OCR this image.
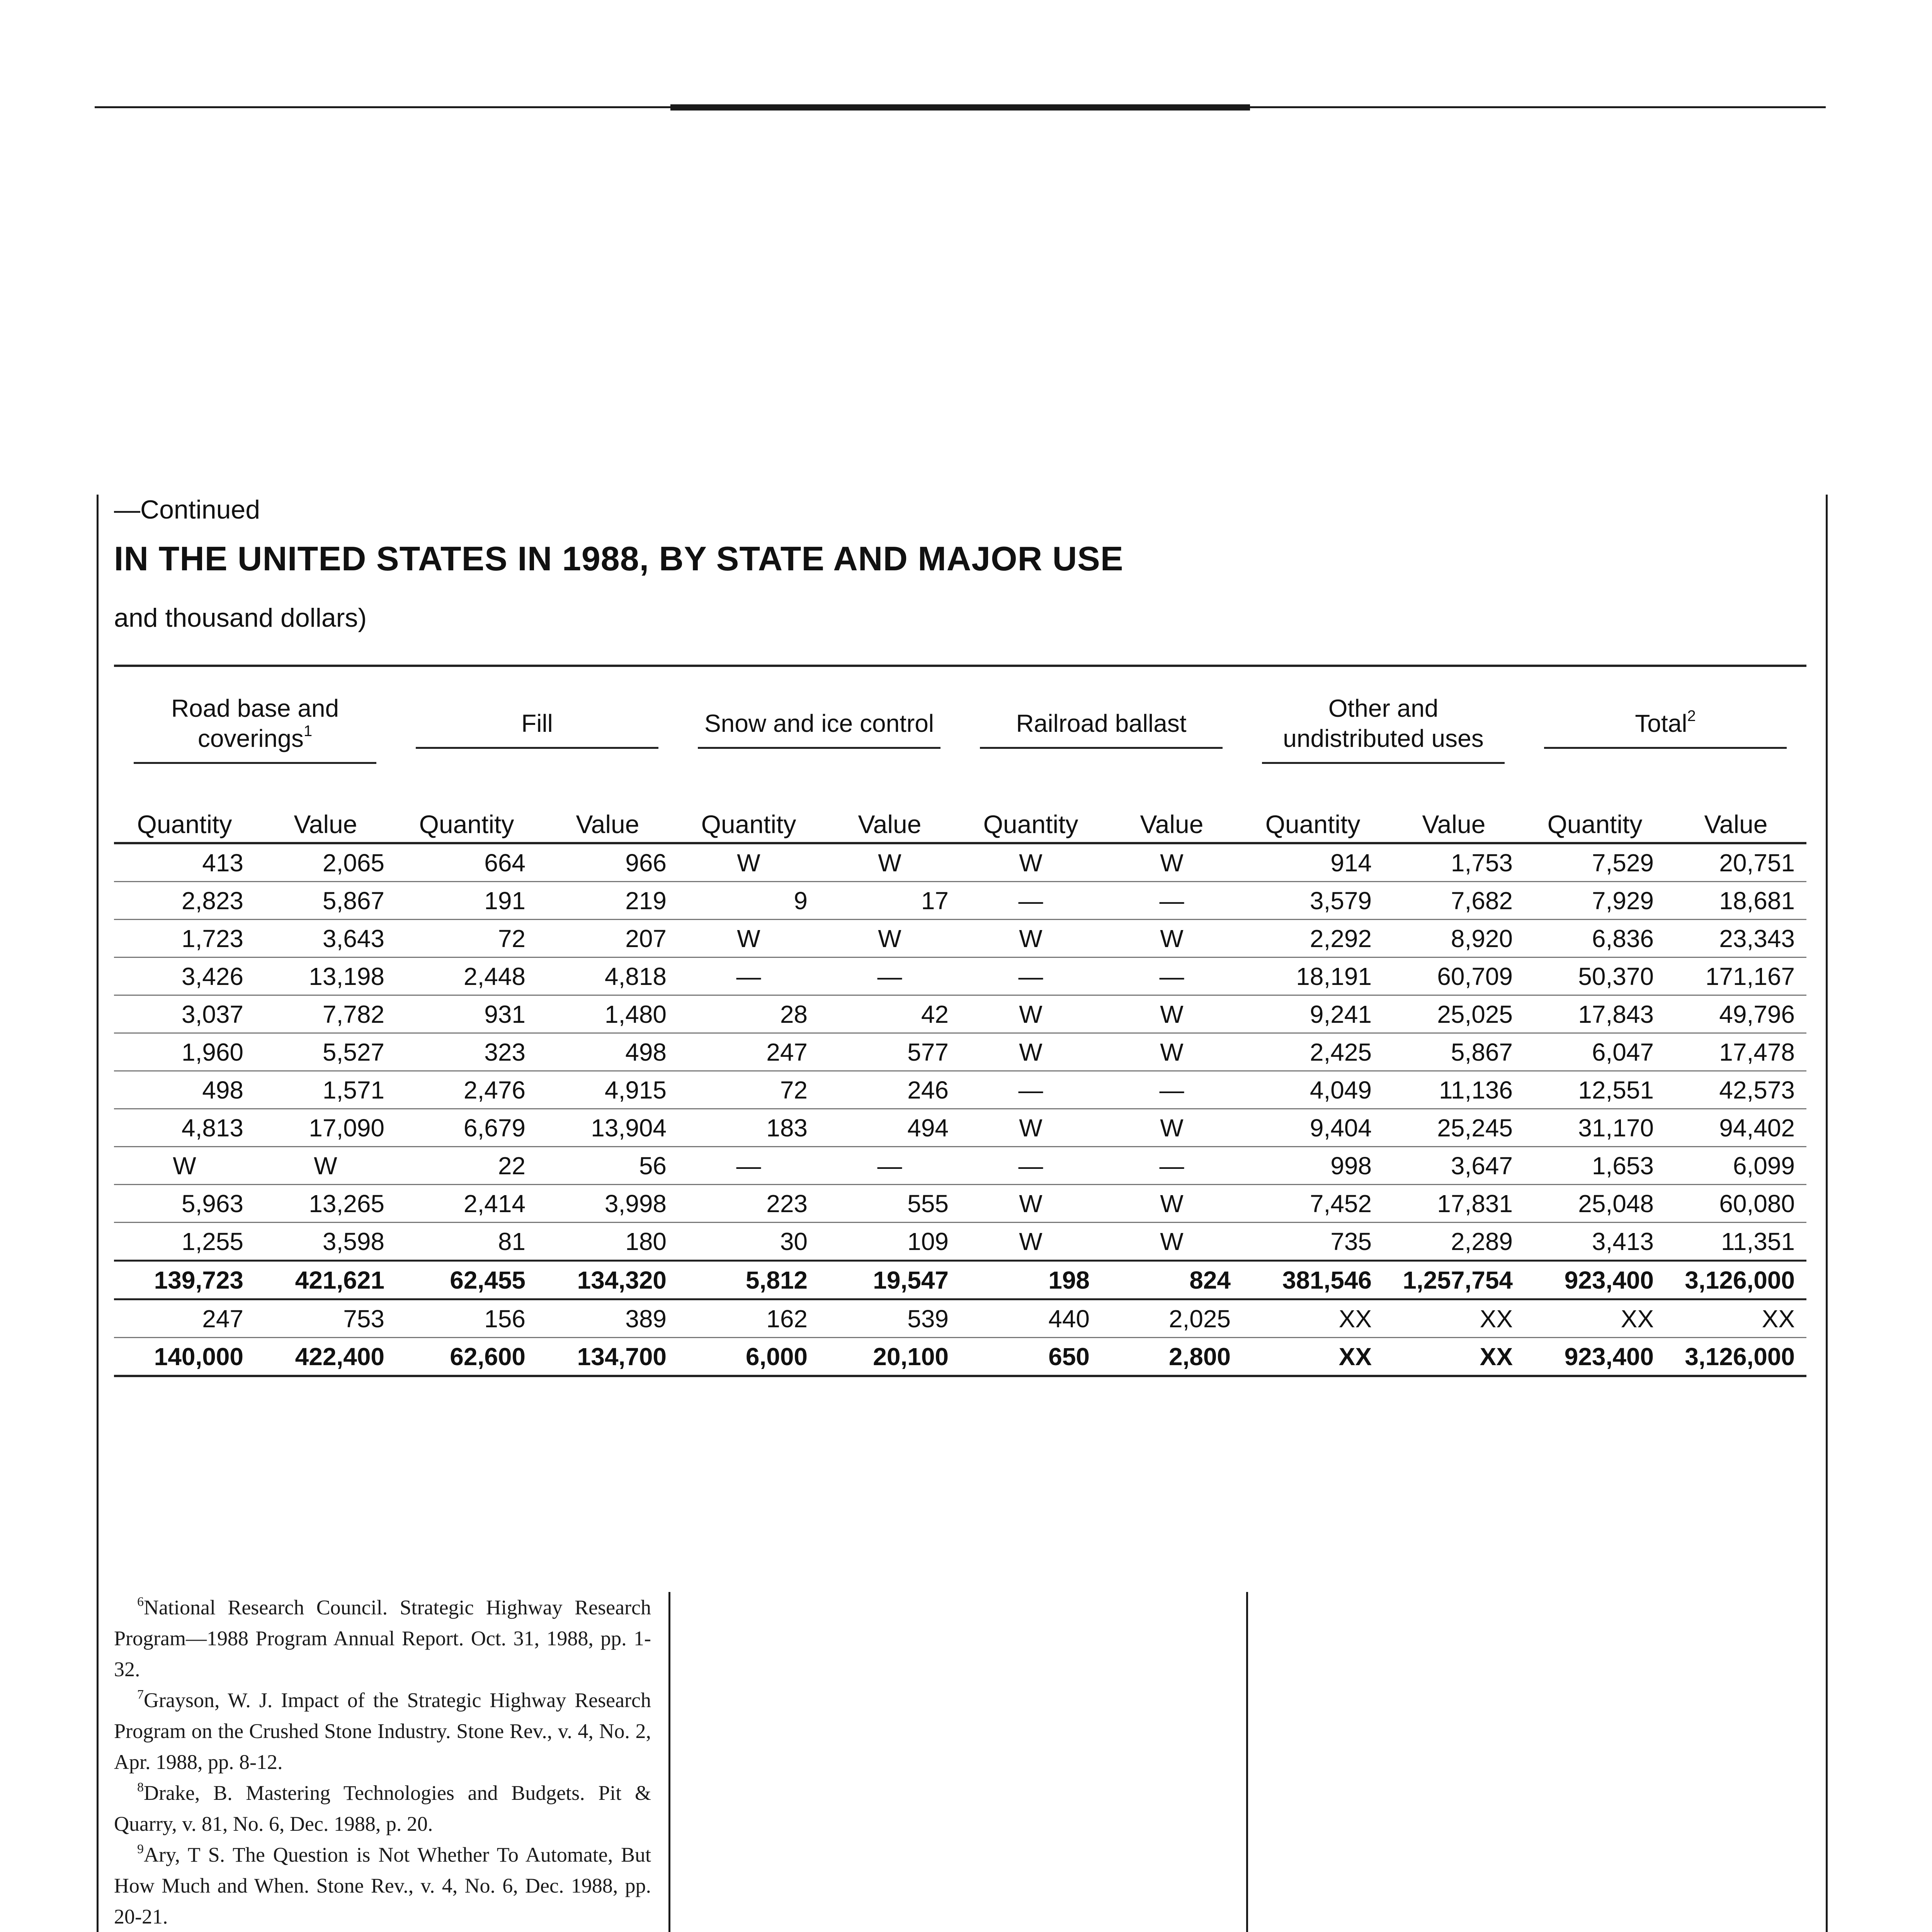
—Continued
IN THE UNITED STATES IN 1988, BY STATE AND MAJOR USE
and thousand dollars)
Road base and coverings$^1$		Fill		Snow and ice control		Railroad ballast		Other and undistributed uses		Total$^2$
Quantity	Value	Quantity	Value	Quantity	Value	Quantity	Value	Quantity	Value	Quantity	Value
413	2,065	664	966	W	W	W	W	914	1,753	7,529	20,751
2,823	5,867	191	219	9	17	—	—	3,579	7,682	7,929	18,681
1,723	3,643	72	207	W	W	W	W	2,292	8,920	6,836	23,343
3,426	13,198	2,448	4,818	—	—	—	—	18,191	60,709	50,370	171,167
3,037	7,782	931	1,480	28	42	W	W	9,241	25,025	17,843	49,796
1,960	5,527	323	498	247	577	W	W	2,425	5,867	6,047	17,478
498	1,571	2,476	4,915	72	246	—	—	4,049	11,136	12,551	42,573
4,813	17,090	6,679	13,904	183	494	W	W	9,404	25,245	31,170	94,402
W	W	22	56	—	—	—	—	998	3,647	1,653	6,099
5,963	13,265	2,414	3,998	223	555	W	W	7,452	17,831	25,048	60,080
1,255	3,598	81	180	30	109	W	W	735	2,289	3,413	11,351
139,723	421,621	62,455	134,320	5,812	19,547	198	824	381,546	1,257,754	923,400	3,126,000
247	753	156	389	162	539	440	2,025	XX	XX	XX	XX
140,000	422,400	62,600	134,700	6,000	20,100	650	2,800	XX	XX	923,400	3,126,000

$^6$National Research Council. Strategic Highway Research Program—1988 Program Annual Report. Oct. 31, 1988, pp. 1-32.

$^7$Grayson, W. J. Impact of the Strategic Highway Research Program on the Crushed Stone Industry. Stone Rev., v. 4, No. 2, Apr. 1988, pp. 8-12.

$^8$Drake, B. Mastering Technologies and Budgets. Pit & Quarry, v. 81, No. 6, Dec. 1988, p. 20.

$^9$Ary, T S. The Question is Not Whether To Automate, But How Much and When. Stone Rev., v. 4, No. 6, Dec. 1988, pp. 20-21.
